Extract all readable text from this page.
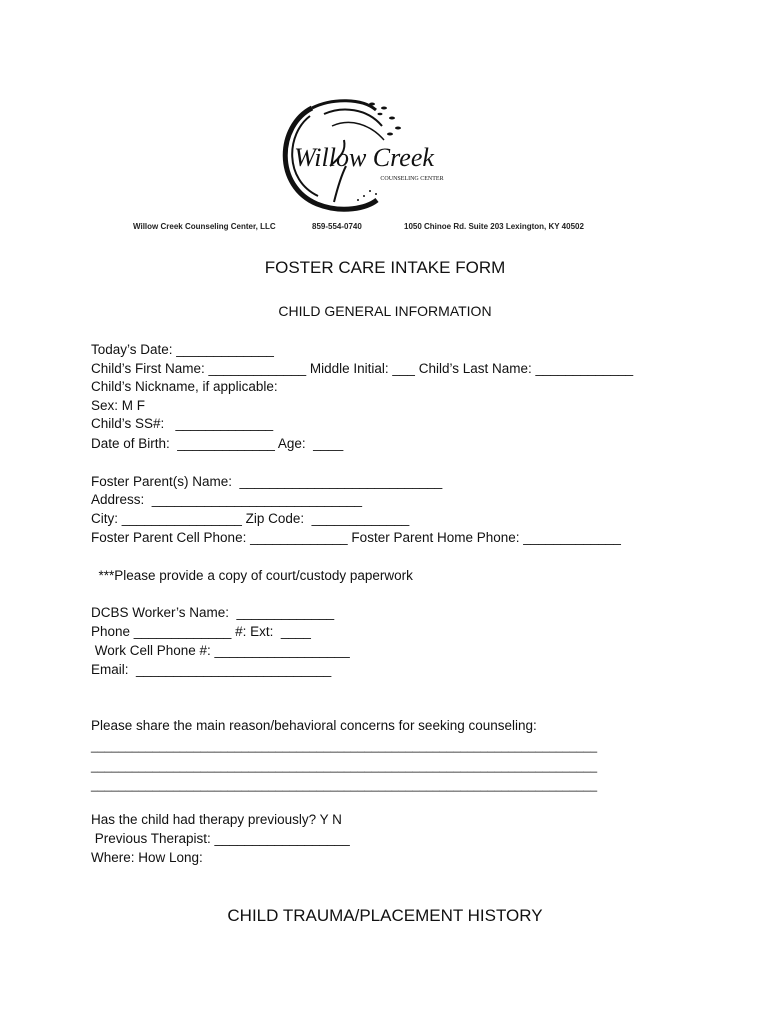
Willow Creek
COUNSELING CENTER
Willow Creek Counseling Center, LLC	859-554-0740	1050 Chinoe Rd. Suite 203 Lexington, KY 40502
FOSTER CARE INTAKE FORM
CHILD GENERAL INFORMATION
Today’s Date: _____________
Child’s First Name: _____________ Middle Initial: ___ Child’s Last Name: _____________
Child’s Nickname, if applicable:
Sex: M F
Child’s SS#:   _____________
Date of Birth:  _____________ Age:  ____
Foster Parent(s) Name:  ___________________________
Address:  ____________________________
City: ________________ Zip Code:  _____________
Foster Parent Cell Phone: _____________ Foster Parent Home Phone: _____________
***Please provide a copy of court/custody paperwork
DCBS Worker’s Name:  _____________
Phone _____________ #: Ext:  ____
Work Cell Phone #: __________________
Email:  __________________________
Please share the main reason/behavioral concerns for seeking counseling:
__________________________________________________________________________
__________________________________________________________________________
__________________________________________________________________________
Has the child had therapy previously? Y N
Previous Therapist: __________________
Where: How Long:
CHILD TRAUMA/PLACEMENT HISTORY
